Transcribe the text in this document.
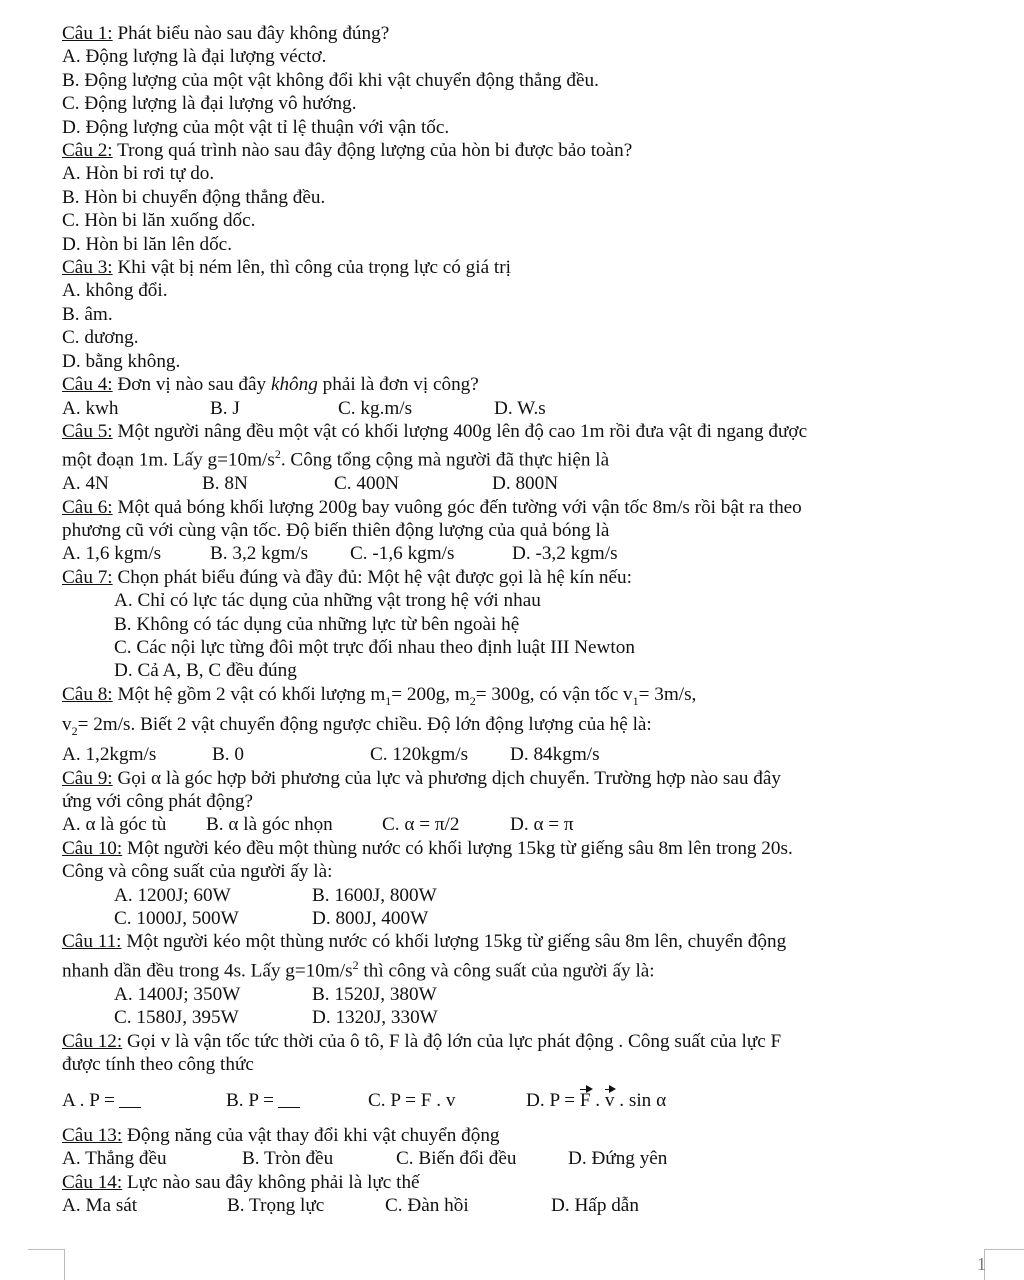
Câu 1: Phát biểu nào sau đây không đúng?
A. Động lượng là đại lượng véctơ.
B. Động lượng của một vật không đổi khi vật chuyển động thẳng đều.
C. Động lượng là đại lượng vô hướng.
D. Động lượng của một vật tỉ lệ thuận với vận tốc.
Câu 2: Trong quá trình nào sau đây động lượng của hòn bi được bảo toàn?
A. Hòn bi rơi tự do.
B. Hòn bi chuyển động thẳng đều.
C. Hòn bi lăn xuống dốc.
D. Hòn bi lăn lên dốc.
Câu 3: Khi vật bị ném lên, thì công của trọng lực có giá trị
A. không đổi.
B. âm.
C. dương.
D. bằng không.
Câu 4: Đơn vị nào sau đây không phải là đơn vị công?
A. kwh	B. J	C. kg.m/s	D. W.s
Câu 5: Một người nâng đều một vật có khối lượng 400g lên độ cao 1m rồi đưa vật đi ngang được
một đoạn 1m. Lấy $g=10m/s^2$. Công tổng cộng mà người đã thực hiện là
A. 4N	B. 8N	C. 400N	D. 800N
Câu 6: Một quả bóng khối lượng 200g bay vuông góc đến tường với vận tốc 8m/s rồi bật ra theo
phương cũ với cùng vận tốc. Độ biến thiên động lượng của quả bóng là
A. 1,6 kgm/s	B. 3,2 kgm/s	C. -1,6 kgm/s	D. -3,2 kgm/s
Câu 7: Chọn phát biểu đúng và đầy đủ: Một hệ vật được gọi là hệ kín nếu:
A. Chỉ có lực tác dụng của những vật trong hệ với nhau
B. Không có tác dụng của những lực từ bên ngoài hệ
C. Các nội lực từng đôi một trực đối nhau theo định luật III Newton
D. Cả A, B, C đều đúng
Câu 8: Một hệ gồm 2 vật có khối lượng $m_1= 200g$, $m_2= 300g$, có vận tốc $v_1= 3m/s$,
$v_2= 2m/s$. Biết 2 vật chuyển động ngược chiều. Độ lớn động lượng của hệ là:
A. 1,2kgm/s	B. 0	C. 120kgm/s	D. 84kgm/s
Câu 9: Gọi α là góc hợp bởi phương của lực và phương dịch chuyển. Trường hợp nào sau đây
ứng với công phát động?
A. α là góc tù	B. α là góc nhọn	C. α = π/2	D. α = π
Câu 10: Một người kéo đều một thùng nước có khối lượng 15kg từ giếng sâu 8m lên trong 20s.
Công và công suất của người ấy là:
A. 1200J; 60W	B. 1600J, 800W
C. 1000J, 500W	D. 800J, 400W
Câu 11: Một người kéo một thùng nước có khối lượng 15kg từ giếng sâu 8m lên, chuyển động
nhanh dần đều trong 4s. Lấy $g=10m/s^2$ thì công và công suất của người ấy là:
A. 1400J; 350W	B. 1520J, 380W
C. 1580J, 395W	D. 1320J, 330W
Câu 12: Gọi v là vận tốc tức thời của ô tô, F là độ lớn của lực phát động . Công suất của lực F
được tính theo công thức
A . P =	B. P =	C. P = F . v	D. P = F . v . sin α
Câu 13: Động năng của vật thay đổi khi vật chuyển động
A. Thẳng đều	B. Tròn đều	C. Biến đổi đều	D. Đứng yên
Câu 14: Lực nào sau đây không phải là lực thế
A. Ma sát	B. Trọng lực	C. Đàn hồi	D. Hấp dẫn
1
